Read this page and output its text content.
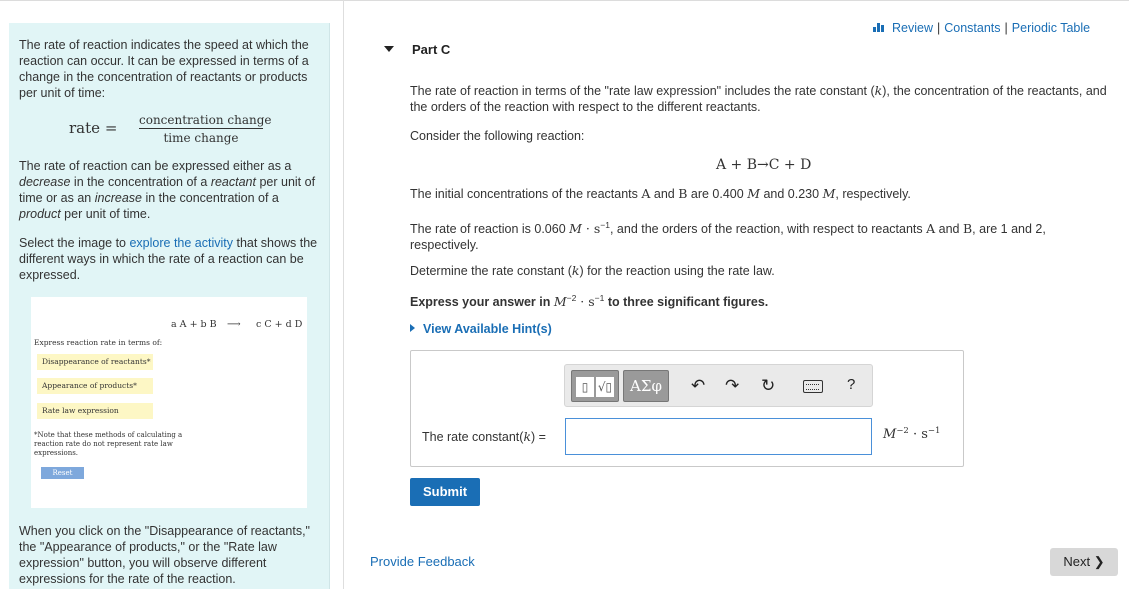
The rate of reaction indicates the speed at which the reaction can occur. It can be expressed in terms of a change in the concentration of reactants or products per unit of time:

rate = concentration change
time change

The rate of reaction can be expressed either as a decrease in the concentration of a reactant per unit of time or as an increase in the concentration of a product per unit of time.

Select the image to explore the activity that shows the different ways in which the rate of a reaction can be expressed.

a A + b B ⟶ c C + d D
Express reaction rate in terms of:
Disappearance of reactants*
Appearance of products*
Rate law expression
*Note that these methods of calculating a reaction rate do not represent rate law expressions.
Reset

When you click on the "Disappearance of reactants," the "Appearance of products," or the "Rate law expression" button, you will observe different expressions for the rate of the reaction.

Review | Constants | Periodic Table
Part C

The rate of reaction in terms of the "rate law expression" includes the rate constant (k), the concentration of the reactants, and the orders of the reaction with respect to the different reactants.

Consider the following reaction:

A + B→C + D

The initial concentrations of the reactants A and B are 0.400 M and 0.230 M, respectively.

The rate of reaction is 0.060 $M \cdot s^{-1}$, and the orders of the reaction, with respect to reactants A and B, are 1 and 2, respectively.

Determine the rate constant (k) for the reaction using the rate law.

Express your answer in $M^{-2} \cdot s^{-1}$ to three significant figures.

View Available Hint(s)
▯ √▯	ΑΣφ	↶ ↷ ↻	?
The rate constant(k) =	$M^{-2} \cdot s^{-1}$
Submit
Provide Feedback	Next ❯
